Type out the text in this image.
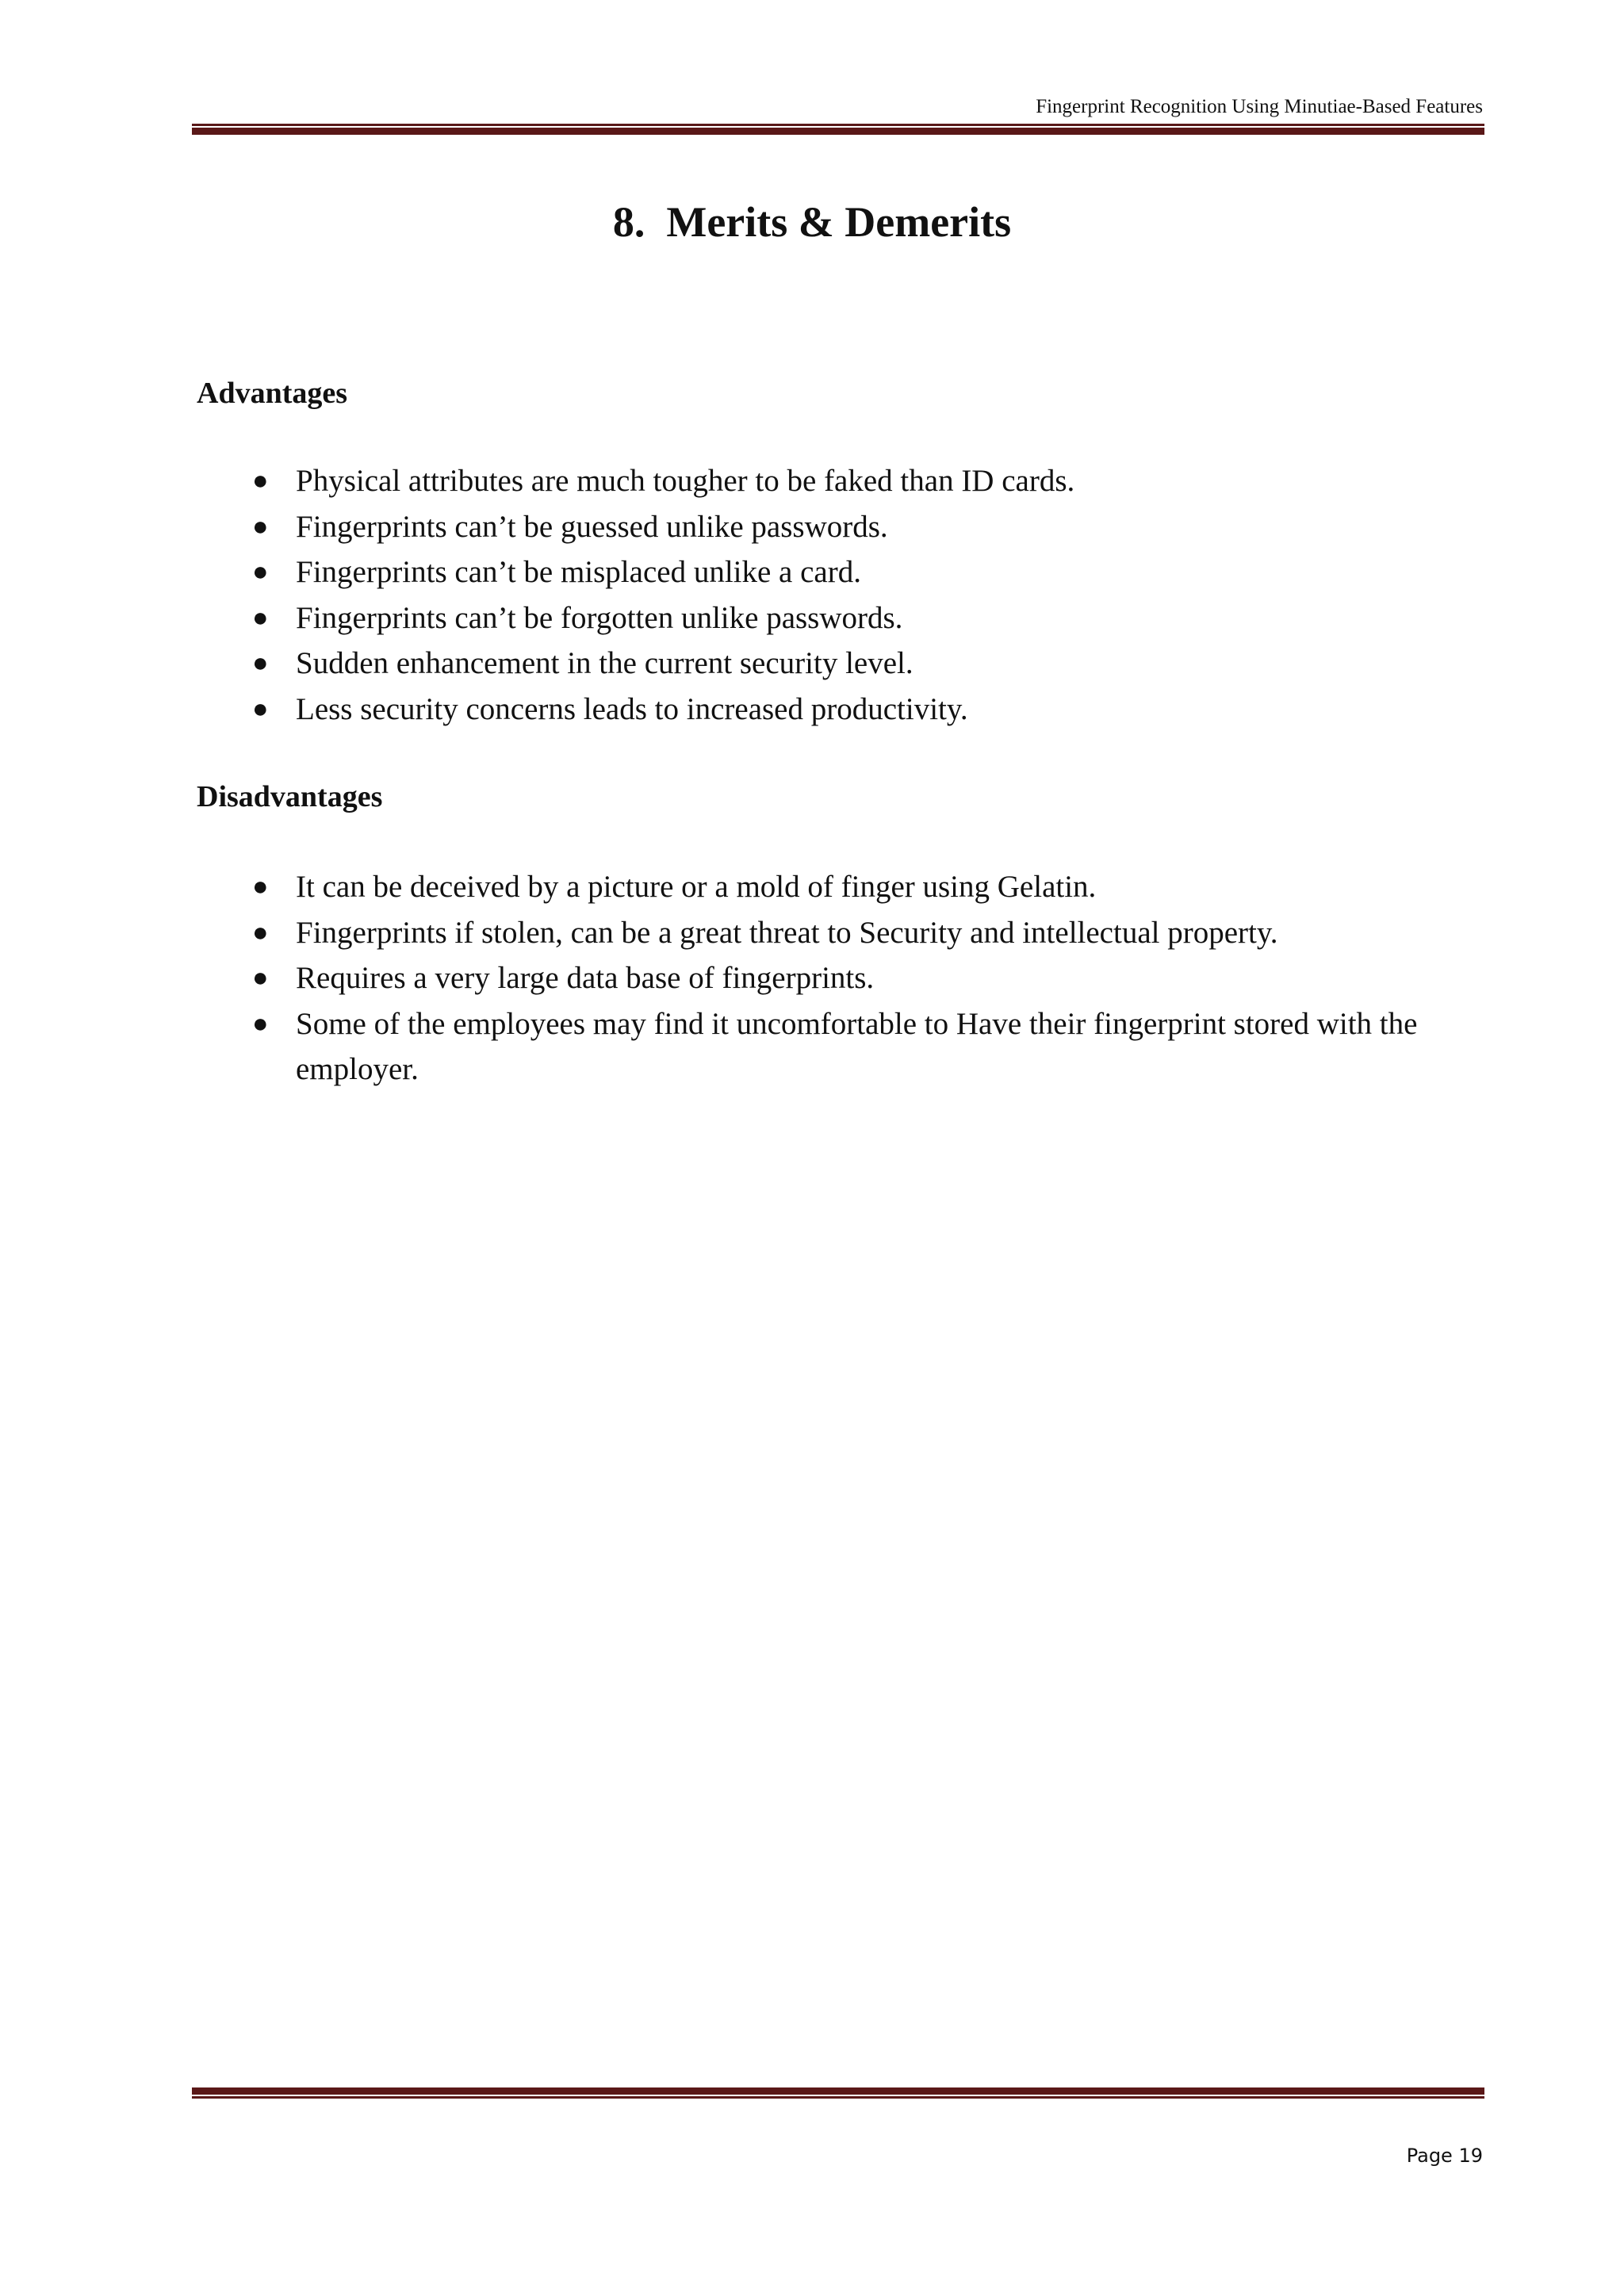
Fingerprint Recognition Using Minutiae-Based Features
8. Merits & Demerits
Advantages
● Physical attributes are much tougher to be faked than ID cards.
● Fingerprints can’t be guessed unlike passwords.
● Fingerprints can’t be misplaced unlike a card.
● Fingerprints can’t be forgotten unlike passwords.
● Sudden enhancement in the current security level.
● Less security concerns leads to increased productivity.
Disadvantages
● It can be deceived by a picture or a mold of finger using Gelatin.
● Fingerprints if stolen, can be a great threat to Security and intellectual property.
● Requires a very large data base of fingerprints.
● Some of the employees may find it uncomfortable to Have their fingerprint stored with the employer.
Page 19
